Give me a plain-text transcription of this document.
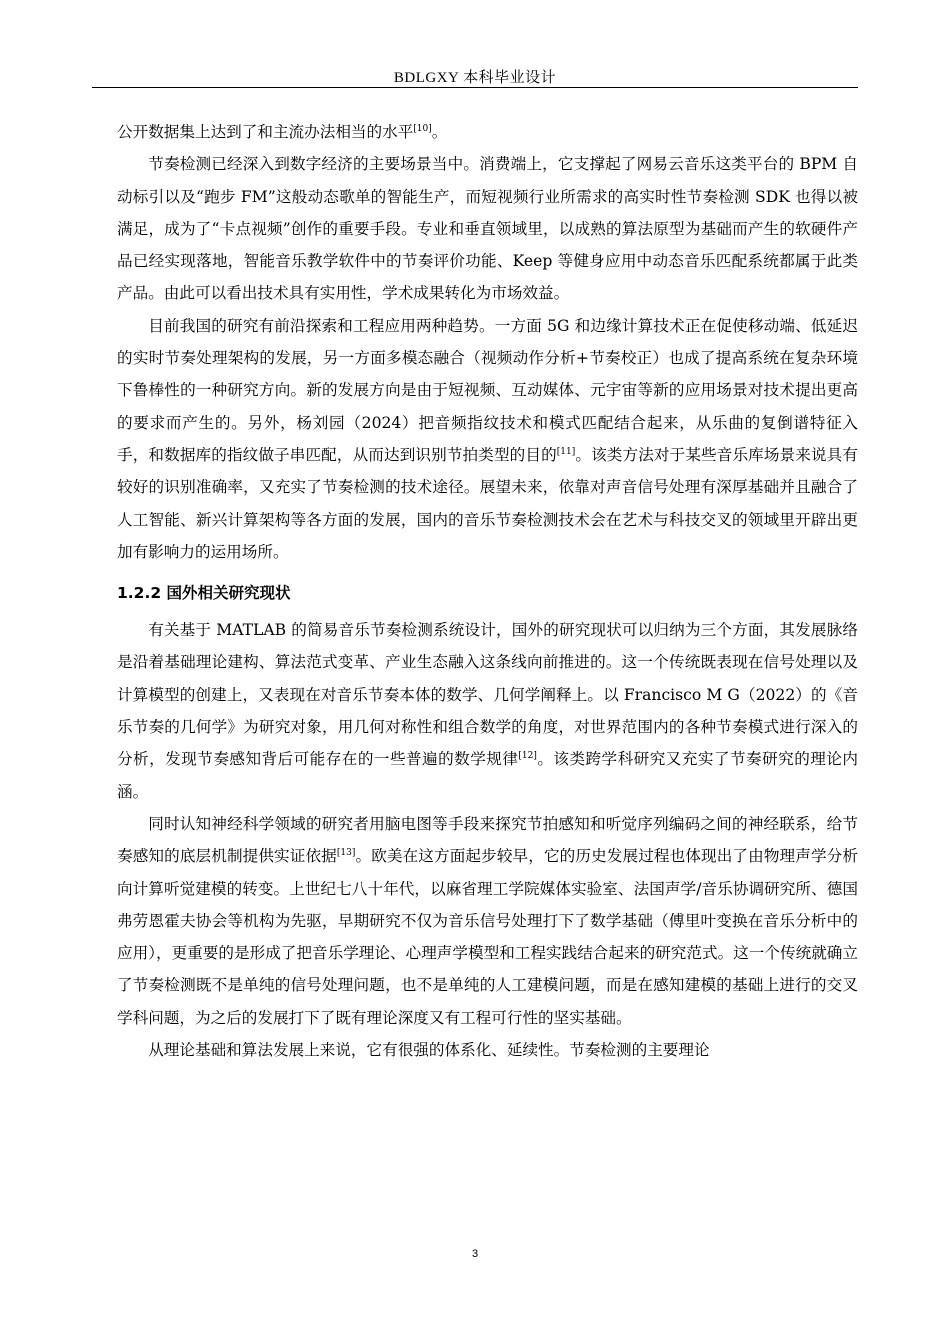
BDLGXY 本科毕业设计

公开数据集上达到了和主流办法相当的水平[10]。

节奏检测已经深入到数字经济的主要场景当中。消费端上，它支撑起了网易云音乐这类平台的 BPM 自动标引以及“跑步 FM”这般动态歌单的智能生产，而短视频行业所需求的高实时性节奏检测 SDK 也得以被满足，成为了“卡点视频”创作的重要手段。专业和垂直领域里，以成熟的算法原型为基础而产生的软硬件产品已经实现落地，智能音乐教学软件中的节奏评价功能、Keep 等健身应用中动态音乐匹配系统都属于此类产品。由此可以看出技术具有实用性，学术成果转化为市场效益。

目前我国的研究有前沿探索和工程应用两种趋势。一方面 5G 和边缘计算技术正在促使移动端、低延迟的实时节奏处理架构的发展，另一方面多模态融合（视频动作分析+节奏校正）也成了提高系统在复杂环境下鲁棒性的一种研究方向。新的发展方向是由于短视频、互动媒体、元宇宙等新的应用场景对技术提出更高的要求而产生的。另外，杨刘园（2024）把音频指纹技术和模式匹配结合起来，从乐曲的复倒谱特征入手，和数据库的指纹做子串匹配，从而达到识别节拍类型的目的[11]。该类方法对于某些音乐库场景来说具有较好的识别准确率，又充实了节奏检测的技术途径。展望未来，依靠对声音信号处理有深厚基础并且融合了人工智能、新兴计算架构等各方面的发展，国内的音乐节奏检测技术会在艺术与科技交叉的领域里开辟出更加有影响力的运用场所。

1.2.2 国外相关研究现状

有关基于 MATLAB 的简易音乐节奏检测系统设计，国外的研究现状可以归纳为三个方面，其发展脉络是沿着基础理论建构、算法范式变革、产业生态融入这条线向前推进的。这一个传统既表现在信号处理以及计算模型的创建上，又表现在对音乐节奏本体的数学、几何学阐释上。以 Francisco M G（2022）的《音乐节奏的几何学》为研究对象，用几何对称性和组合数学的角度，对世界范围内的各种节奏模式进行深入的分析，发现节奏感知背后可能存在的一些普遍的数学规律[12]。该类跨学科研究又充实了节奏研究的理论内涵。

同时认知神经科学领域的研究者用脑电图等手段来探究节拍感知和听觉序列编码之间的神经联系，给节奏感知的底层机制提供实证依据[13]。欧美在这方面起步较早，它的历史发展过程也体现出了由物理声学分析向计算听觉建模的转变。上世纪七八十年代，以麻省理工学院媒体实验室、法国声学/音乐协调研究所、德国弗劳恩霍夫协会等机构为先驱，早期研究不仅为音乐信号处理打下了数学基础（傅里叶变换在音乐分析中的应用），更重要的是形成了把音乐学理论、心理声学模型和工程实践结合起来的研究范式。这一个传统就确立了节奏检测既不是单纯的信号处理问题，也不是单纯的人工建模问题，而是在感知建模的基础上进行的交叉学科问题，为之后的发展打下了既有理论深度又有工程可行性的坚实基础。

从理论基础和算法发展上来说，它有很强的体系化、延续性。节奏检测的主要理论

3
